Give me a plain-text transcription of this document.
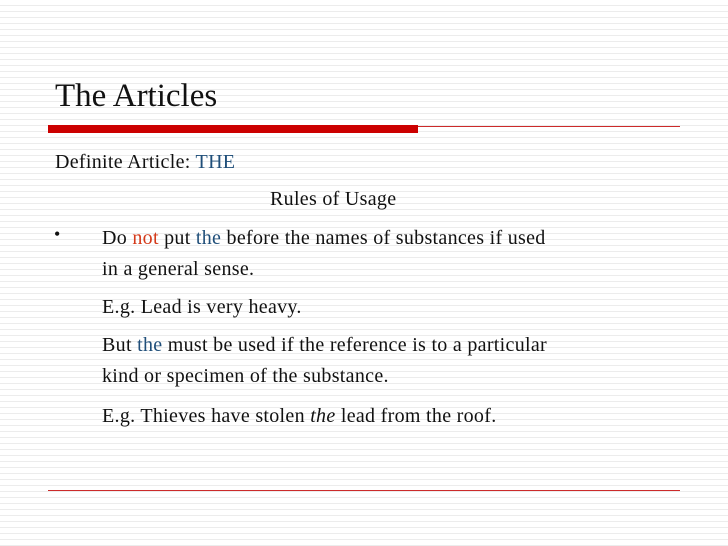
The Articles
Definite Article: THE
Rules of Usage
• Do not put the before the names of substances if used
in a general sense.
E.g. Lead is very heavy.
But the must be used if the reference is to a particular
kind or specimen of the substance.
E.g. Thieves have stolen the lead from the roof.
